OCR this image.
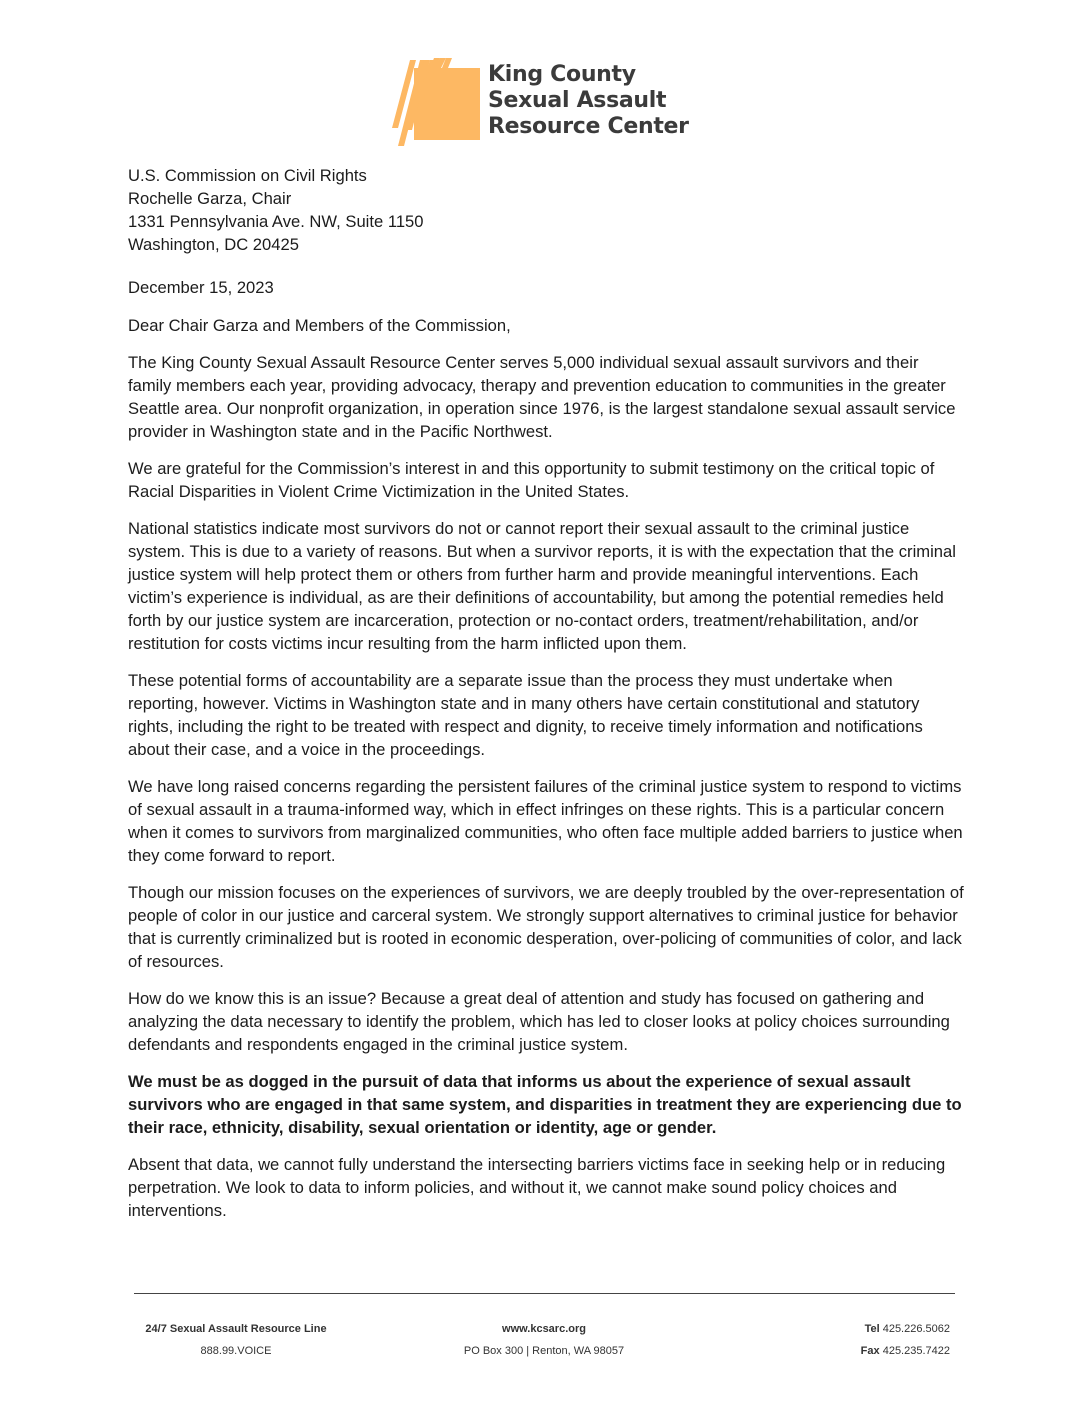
King County
Sexual Assault
Resource Center
U.S. Commission on Civil Rights
Rochelle Garza, Chair
1331 Pennsylvania Ave. NW, Suite 1150
Washington, DC 20425
December 15, 2023
Dear Chair Garza and Members of the Commission,

The King County Sexual Assault Resource Center serves 5,000 individual sexual assault survivors and their family members each year, providing advocacy, therapy and prevention education to communities in the greater Seattle area. Our nonprofit organization, in operation since 1976, is the largest standalone sexual assault service provider in Washington state and in the Pacific Northwest.

We are grateful for the Commission’s interest in and this opportunity to submit testimony on the critical topic of Racial Disparities in Violent Crime Victimization in the United States.

National statistics indicate most survivors do not or cannot report their sexual assault to the criminal justice system. This is due to a variety of reasons. But when a survivor reports, it is with the expectation that the criminal justice system will help protect them or others from further harm and provide meaningful interventions. Each victim’s experience is individual, as are their definitions of accountability, but among the potential remedies held forth by our justice system are incarceration, protection or no-contact orders, treatment/rehabilitation, and/or restitution for costs victims incur resulting from the harm inflicted upon them.

These potential forms of accountability are a separate issue than the process they must undertake when reporting, however. Victims in Washington state and in many others have certain constitutional and statutory rights, including the right to be treated with respect and dignity, to receive timely information and notifications about their case, and a voice in the proceedings.

We have long raised concerns regarding the persistent failures of the criminal justice system to respond to victims of sexual assault in a trauma-informed way, which in effect infringes on these rights. This is a particular concern when it comes to survivors from marginalized communities, who often face multiple added barriers to justice when they come forward to report.

Though our mission focuses on the experiences of survivors, we are deeply troubled by the over-representation of people of color in our justice and carceral system. We strongly support alternatives to criminal justice for behavior that is currently criminalized but is rooted in economic desperation, over-policing of communities of color, and lack of resources.

How do we know this is an issue? Because a great deal of attention and study has focused on gathering and analyzing the data necessary to identify the problem, which has led to closer looks at policy choices surrounding defendants and respondents engaged in the criminal justice system.

We must be as dogged in the pursuit of data that informs us about the experience of sexual assault survivors who are engaged in that same system, and disparities in treatment they are experiencing due to their race, ethnicity, disability, sexual orientation or identity, age or gender.

Absent that data, we cannot fully understand the intersecting barriers victims face in seeking help or in reducing perpetration. We look to data to inform policies, and without it, we cannot make sound policy choices and interventions.

24/7 Sexual Assault Resource Line
888.99.VOICE
www.kcsarc.org
PO Box 300 | Renton, WA 98057
Tel 425.226.5062
Fax 425.235.7422
